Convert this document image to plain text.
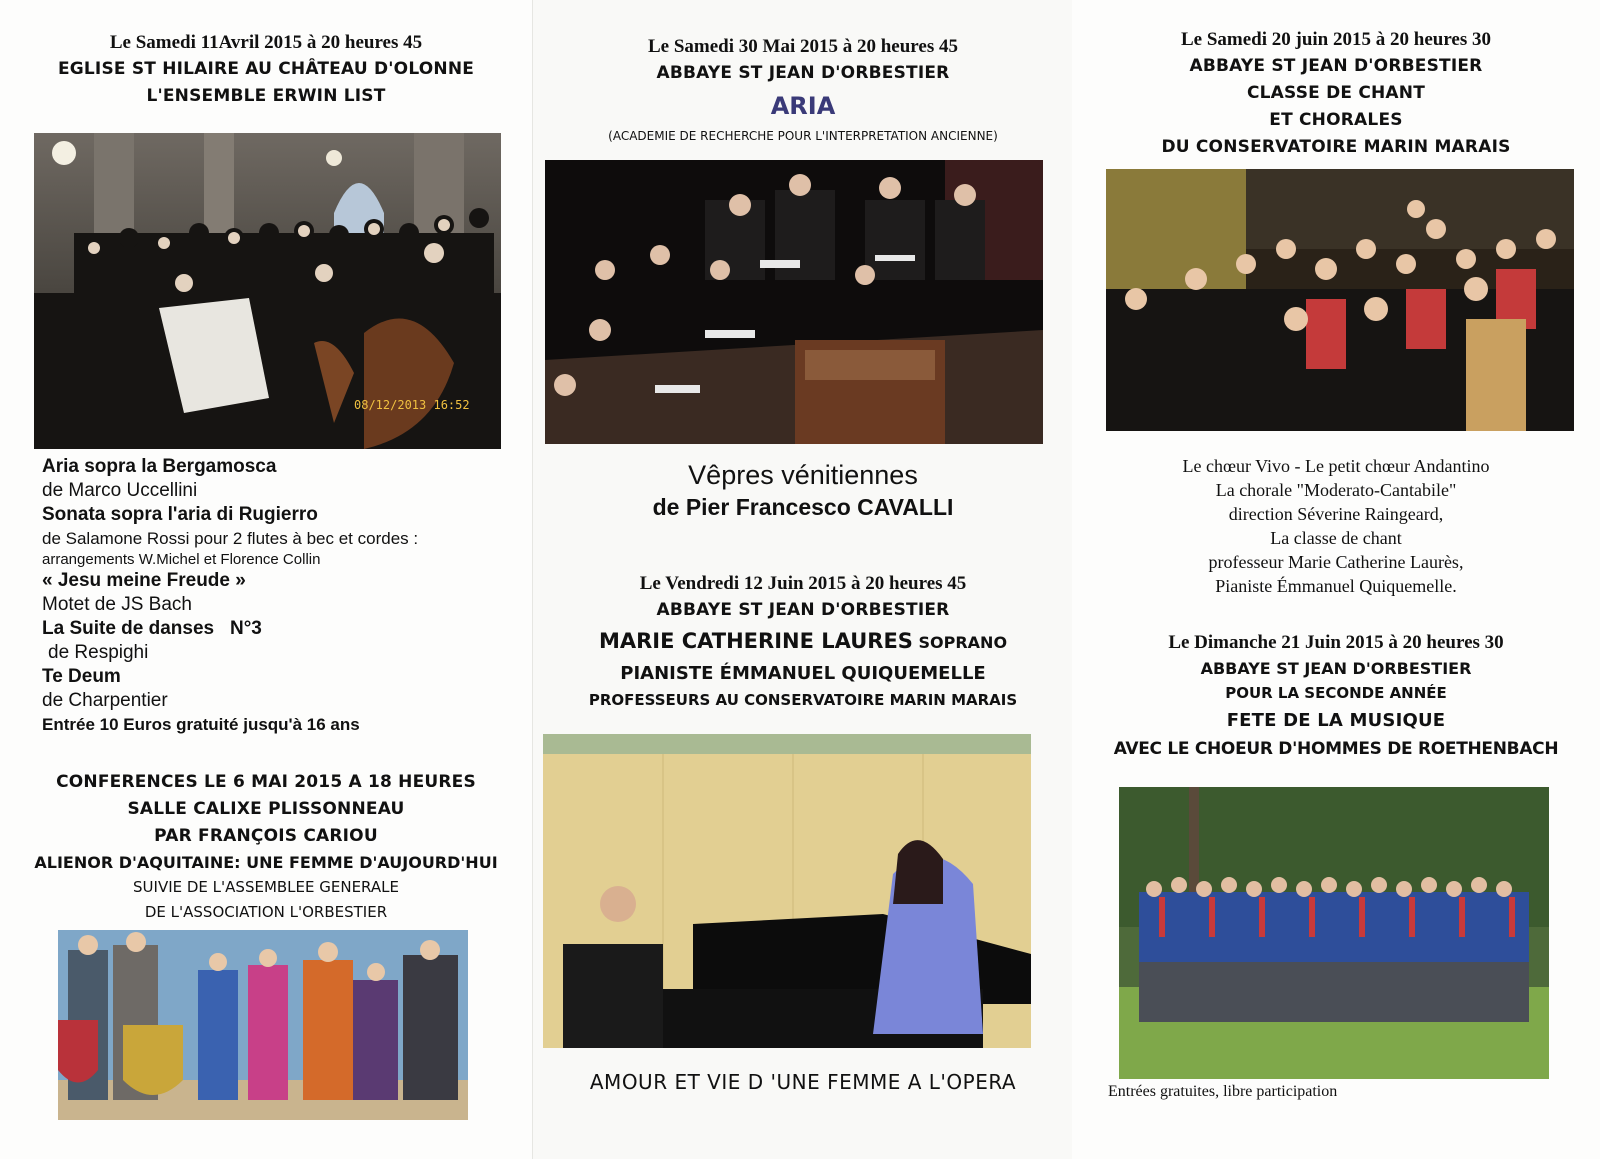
Le Samedi 11Avril 2015 à 20 heures 45
EGLISE ST HILAIRE AU CHÂTEAU D'OLONNE
L'ENSEMBLE ERWIN LIST
08/12/2013 16:52
Aria sopra la Bergamosca
de Marco Uccellini
Sonata sopra l'aria di Rugierro
de Salamone Rossi pour 2 flutes à bec et cordes :
arrangements W.Michel et Florence Collin
« Jesu meine Freude »
Motet de JS Bach
La Suite de danses N°3
de Respighi
Te Deum
de Charpentier
Entrée 10 Euros gratuité jusqu'à 16 ans
CONFERENCES LE 6 MAI 2015 A 18 HEURES
SALLE CALIXE PLISSONNEAU
PAR FRANÇOIS CARIOU
ALIENOR D'AQUITAINE: UNE FEMME D'AUJOURD'HUI
SUIVIE DE L'ASSEMBLEE GENERALE
DE L'ASSOCIATION L'ORBESTIER
Le Samedi 30 Mai 2015 à 20 heures 45
ABBAYE ST JEAN D'ORBESTIER
ARIA
(ACADEMIE DE RECHERCHE POUR L'INTERPRETATION ANCIENNE)
Vêpres vénitiennes
de Pier Francesco CAVALLI
Le Vendredi 12 Juin 2015 à 20 heures 45
ABBAYE ST JEAN D'ORBESTIER
MARIE CATHERINE LAURES SOPRANO
PIANISTE ÉMMANUEL QUIQUEMELLE
PROFESSEURS AU CONSERVATOIRE MARIN MARAIS
AMOUR ET VIE D 'UNE FEMME A L'OPERA
Le Samedi 20 juin 2015 à 20 heures 30
ABBAYE ST JEAN D'ORBESTIER
CLASSE DE CHANT
ET CHORALES
DU CONSERVATOIRE MARIN MARAIS
Le chœur Vivo - Le petit chœur Andantino
La chorale "Moderato-Cantabile"
direction Séverine Raingeard,
La classe de chant
professeur Marie Catherine Laurès,
Pianiste Émmanuel Quiquemelle.
Le Dimanche 21 Juin 2015 à 20 heures 30
ABBAYE ST JEAN D'ORBESTIER
POUR LA SECONDE ANNÉE
FETE DE LA MUSIQUE
AVEC LE CHOEUR D'HOMMES DE ROETHENBACH
Entrées gratuites, libre participation
